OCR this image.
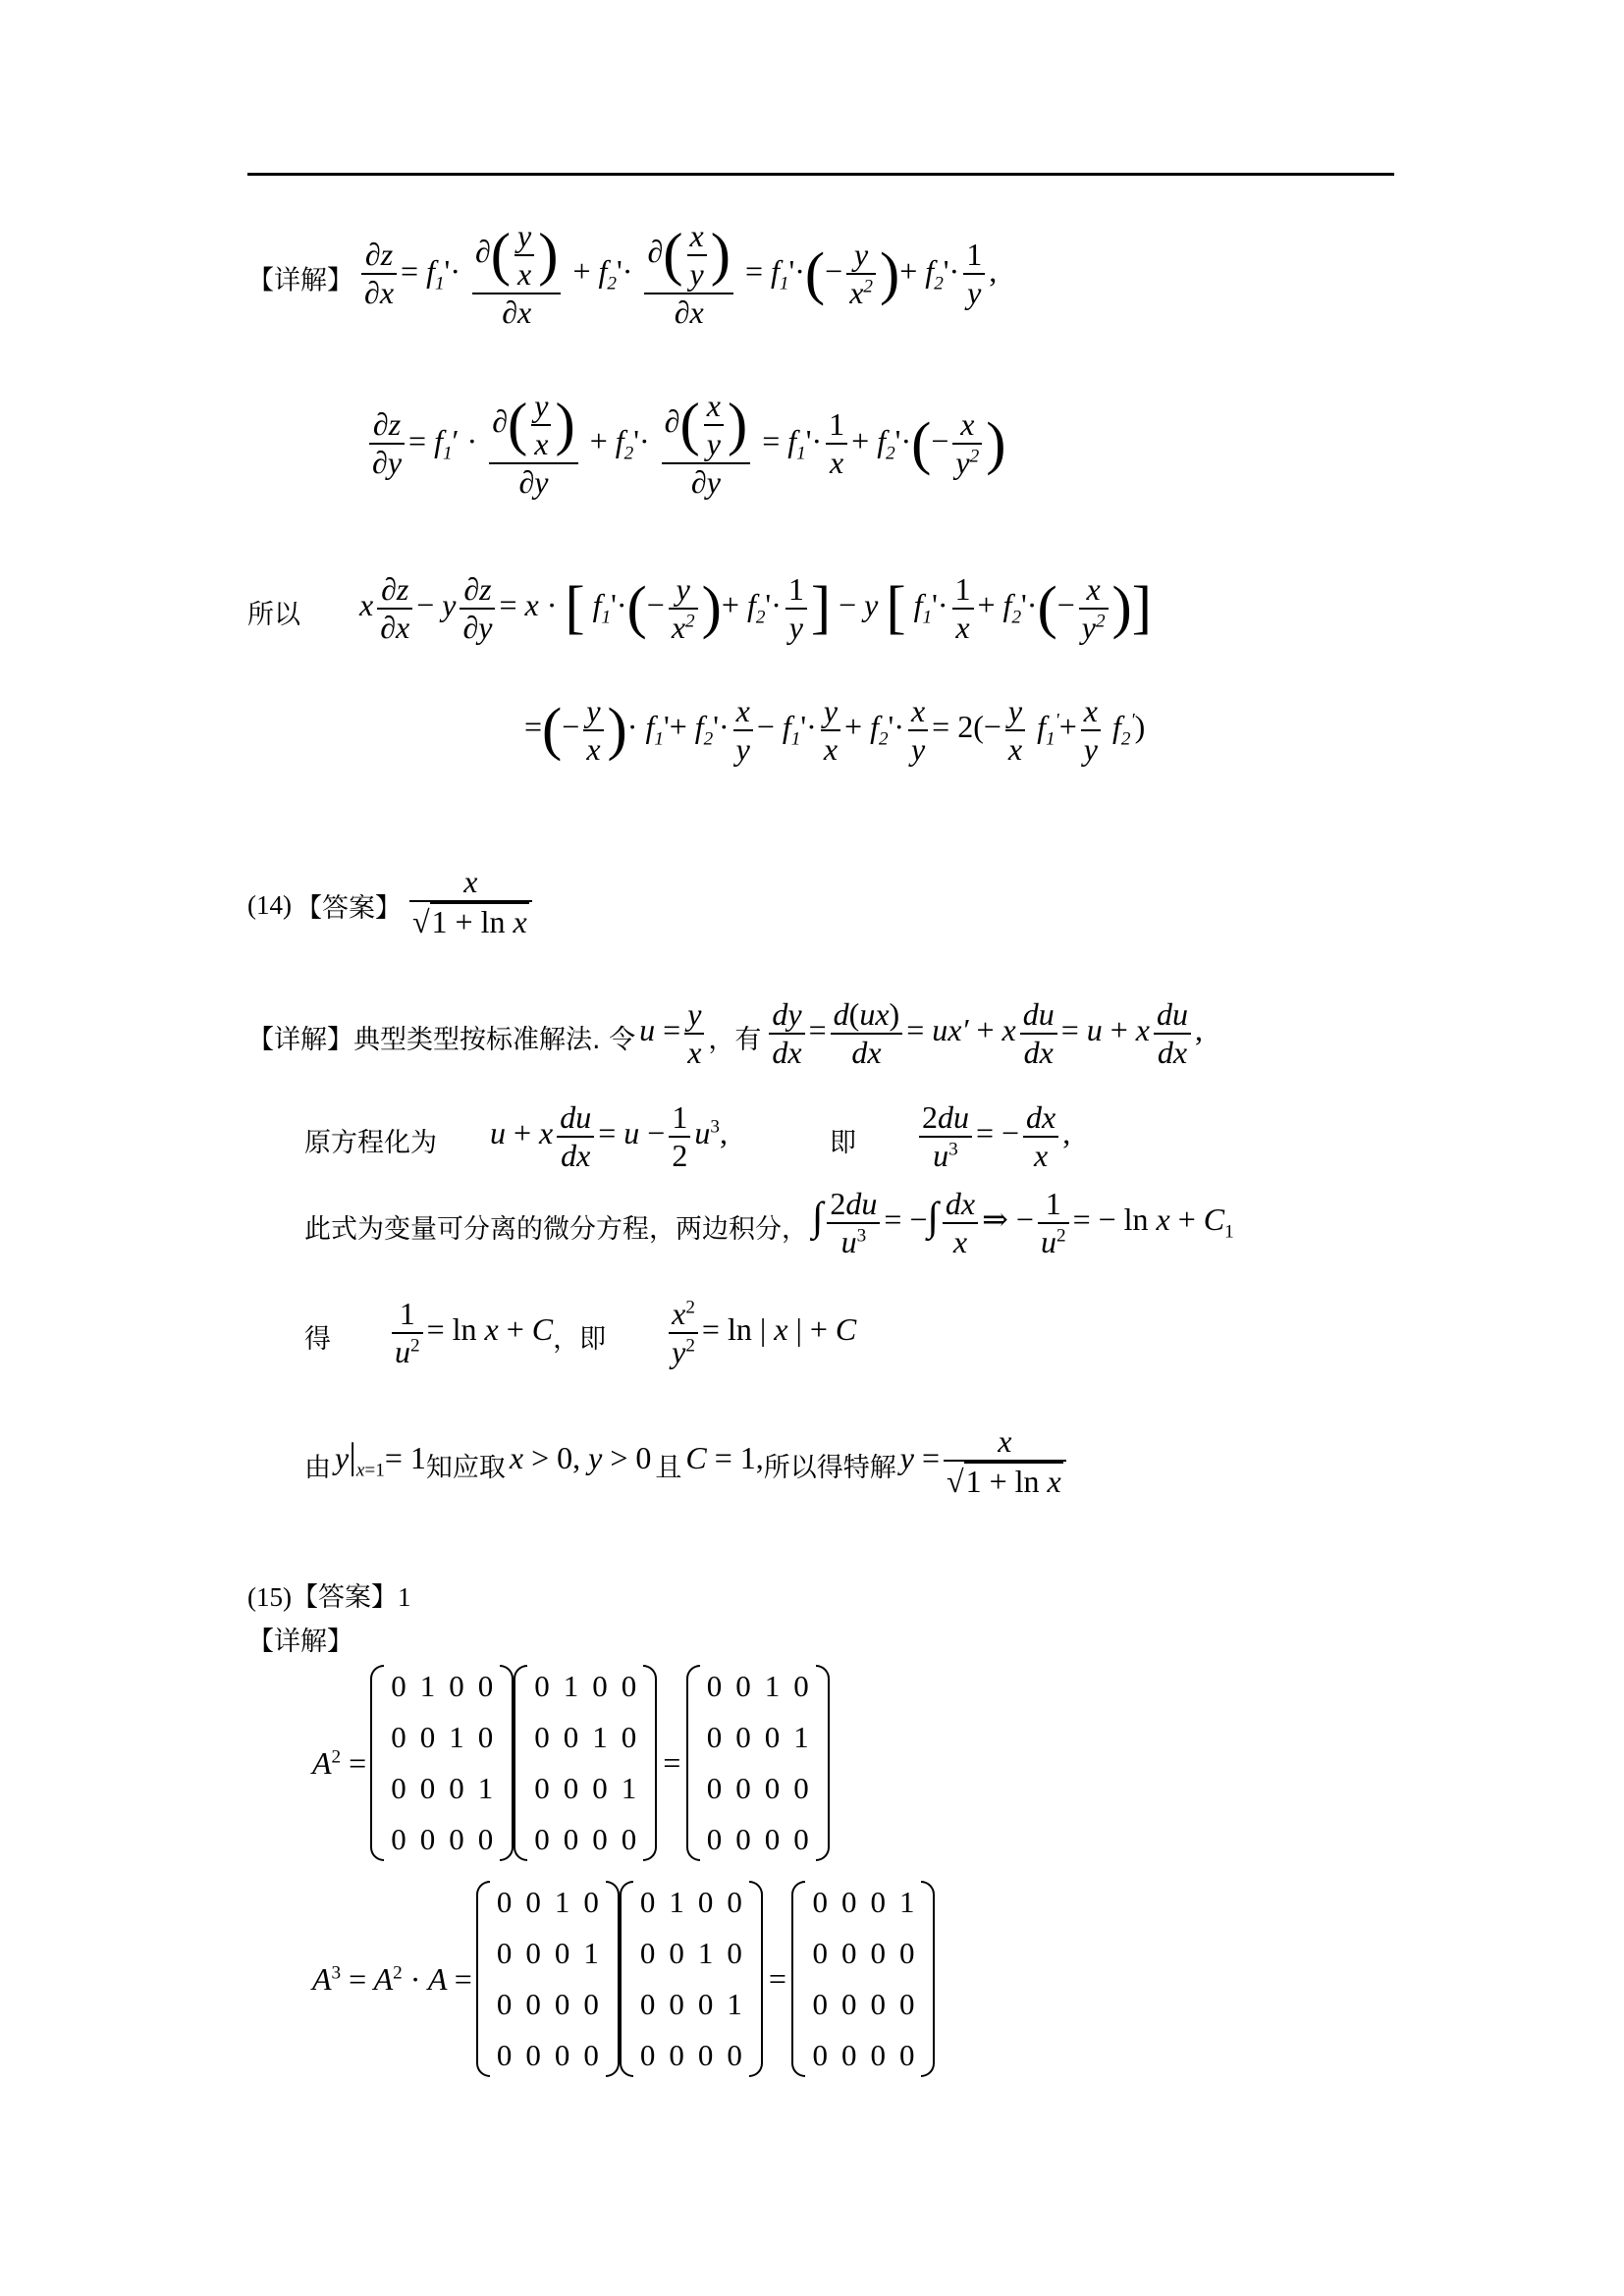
【详解】 $\frac{\partial z}{\partial x} = f_1'\cdot \frac{\partial( \frac{y}{x} )}{\partial x} + f_2'\cdot \frac{\partial( \frac{x}{y} )}{\partial x} = f_1'\cdot(- \frac{y}{x^2}$ )+ $f_2'\cdot \frac{1}{y}$ ,
$\frac{\partial z}{\partial y} = f_1' \cdot \frac{\partial( \frac{y}{x} )}{\partial y} + f_2'\cdot \frac{\partial( \frac{x}{y} )}{\partial y} = f_1'\cdot \frac{1}{x} + f_2'\cdot(- \frac{x}{y^2}$ )
所以 x $\frac{\partial z}{\partial x} - y \frac{\partial z}{\partial y} = x$ · [ $f_1'\cdot(- \frac{y}{x^2}$ )+ $f_2'\cdot \frac{1}{y}$ ] − y [ $f_1'\cdot \frac{1}{x} + f_2'\cdot(- \frac{x}{y^2}$ )]
=(− $\frac{y}{x}$ )· $f_1'+ f_2'\cdot \frac{x}{y} - f_1'\cdot \frac{y}{x} + f_2'\cdot \frac{x}{y} = 2(- \frac{y}{x} f_1'+ \frac{x}{y} f_2')$
(14) 【答案】 $\frac{x}{\text{√1 + ln x}}$
【详解】典型类型按标准解法. 令 $u = \frac{y}{x}$ ，有 $\frac{dy}{dx} = \frac{d(ux)}{dx} = ux' + x \frac{du}{dx} = u + x \frac{du}{dx}$ ,
原方程化为 u + x $\frac{du}{dx} = u - \frac{1}{2} u^3$,	即 $\frac{2du}{u^3}$ = − $\frac{dx}{x}$ ,
此式为变量可分离的微分方程，两边积分， ∫ $\frac{2du}{u^3}$ = −∫ $\frac{dx}{x}$ ⇒ − $\frac{1}{u^2}$ = − $\ln x + C_1$
得 $\frac{1}{u^2} = \ln x + C$，即 $\frac{x^2}{y^2} = \ln$ | x | + C
由 $y|_{x=1}= 1$知应取 x > 0, y > 0 且 C = 1,所以得特解 $y = \frac{x}{\text{√1 + ln x}}$
(15)【答案】1
【详解】
$A^2$ =
0	1	0	0
0	0	1	0
0	0	0	1
0	0	0	0
0	1	0	0
0	0	1	0
0	0	0	1
0	0	0	0
=
0	0	1	0
0	0	0	1
0	0	0	0
0	0	0	0
$A^3 = A^2 \cdot A$ =
0	0	1	0
0	0	0	1
0	0	0	0
0	0	0	0
0	1	0	0
0	0	1	0
0	0	0	1
0	0	0	0
=
0	0	0	1
0	0	0	0
0	0	0	0
0	0	0	0
